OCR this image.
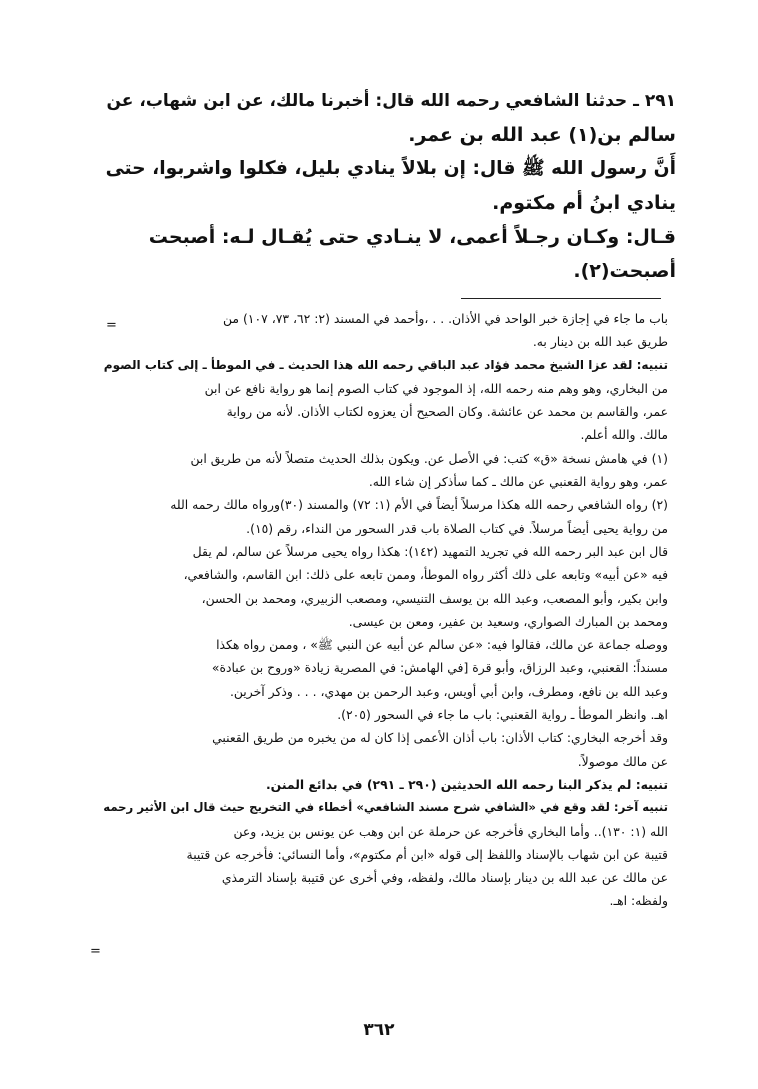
٢٩١ ـ حدثنا الشافعي رحمه الله قال: أخبرنا مالك، عن ابن شهاب، عن
سالم بن(١) عبد الله بن عمر.
أَنَّ رسول الله ﷺ قال: إن بلالاً ينادي بليل، فكلوا واشربوا، حتى
ينادي ابنُ أم مكتوم.
قـال: وكـان رجـلاً أعمى، لا ينـادي حتى يُقـال لـه: أصبحت
أصبحت(٢).
=	باب ما جاء في إجازة خبر الواحد في الأذان. . . ،وأحمد في المسند (٢: ٦٢، ٧٣، ١٠٧) من
طريق عبد الله بن دينار به.
تنبيه: لقد عزا الشيخ محمد فؤاد عبد الباقي رحمه الله هذا الحديث ـ في الموطأ ـ إلى كتاب الصوم
من البخاري، وهو وهم منه رحمه الله، إذ الموجود في كتاب الصوم إنما هو رواية نافع عن ابن
عمر، والقاسم بن محمد عن عائشة. وكان الصحيح أن يعزوه لكتاب الأذان. لأنه من رواية
مالك. والله أعلم.
(١) في هامش نسخة «ق» كتب: في الأصل عن. ويكون بذلك الحديث متصلاً لأنه من طريق ابن
عمر، وهو رواية القعنبي عن مالك ـ كما سأذكر إن شاء الله.
(٢) رواه الشافعي رحمه الله هكذا مرسلاً أيضاً في الأم (١: ٧٢) والمسند (٣٠)ورواه مالك رحمه الله
من رواية يحيى أيضاً مرسلاً. في كتاب الصلاة باب قدر السحور من النداء، رقم (١٥).
قال ابن عبد البر رحمه الله في تجريد التمهيد (١٤٢): هكذا رواه يحيى مرسلاً عن سالم، لم يقل
فيه «عن أبيه» وتابعه على ذلك أكثر رواه الموطأ، وممن تابعه على ذلك: ابن القاسم، والشافعي،
وابن بكير، وأبو المصعب، وعبد الله بن يوسف التنيسي، ومصعب الزبيري، ومحمد بن الحسن،
ومحمد بن المبارك الصواري، وسعيد بن عفير، ومعن بن عيسى.
ووصله جماعة عن مالك، فقالوا فيه: «عن سالم عن أبيه عن النبي ﷺ» ، وممن رواه هكذا
مسنداً: القعنبي، وعبد الرزاق، وأبو قرة [في الهامش: في المصرية زيادة «وروح بن عبادة»
وعبد الله بن نافع، ومطرف، وابن أبي أويس، وعبد الرحمن بن مهدي، . . . وذكر آخرين.
اهـ. وانظر الموطأ ـ رواية القعنبي: باب ما جاء في السحور (٢٠٥).
وقد أخرجه البخاري: كتاب الأذان: باب أذان الأعمى إذا كان له من يخبره من طريق القعنبي
عن مالك موصولاً.
تنبيه: لم يذكر البنا رحمه الله الحديثين (٢٩٠ ـ ٢٩١) في بدائع المنن.
تنبيه آخر: لقد وقع في «الشافي شرح مسند الشافعي» أخطاء في التخريج حيث قال ابن الأثير رحمه
الله (١: ١٣٠).. وأما البخاري فأخرجه عن حرملة عن ابن وهب عن يونس بن يزيد، وعن
قتيبة عن ابن شهاب بالإسناد واللفظ إلى قوله «ابن أم مكتوم»، وأما النسائي: فأخرجه عن قتيبة
عن مالك عن عبد الله بن دينار بإسناد مالك، ولفظه، وفي أخرى عن قتيبة بإسناد الترمذي
ولفظه: اهـ.
=
٣٦٢
